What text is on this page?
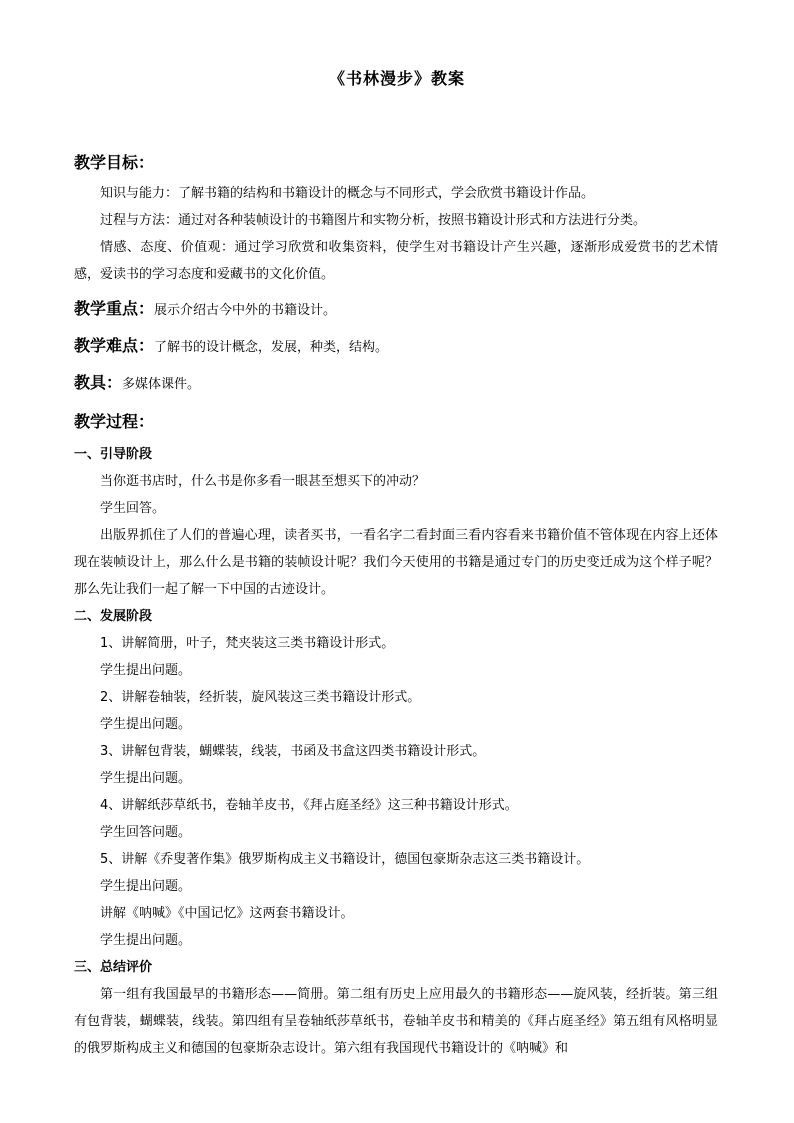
《书林漫步》教案
教学目标：

知识与能力：了解书籍的结构和书籍设计的概念与不同形式，学会欣赏书籍设计作品。

过程与方法：通过对各种装帧设计的书籍图片和实物分析，按照书籍设计形式和方法进行分类。

情感、态度、价值观：通过学习欣赏和收集资料，使学生对书籍设计产生兴趣，逐渐形成爱赏书的艺术情感，爱读书的学习态度和爱藏书的文化价值。

教学重点：展示介绍古今中外的书籍设计。
教学难点：了解书的设计概念，发展，种类，结构。
教具：多媒体课件。
教学过程：
一、引导阶段

当你逛书店时，什么书是你多看一眼甚至想买下的冲动？

学生回答。

出版界抓住了人们的普遍心理，读者买书，一看名字二看封面三看内容看来书籍价值不管体现在内容上还体现在装帧设计上，那么什么是书籍的装帧设计呢？我们今天使用的书籍是通过专门的历史变迁成为这个样子呢？那么先让我们一起了解一下中国的古迹设计。

二、发展阶段

1、讲解简册，叶子，梵夹装这三类书籍设计形式。

学生提出问题。

2、讲解卷轴装，经折装，旋风装这三类书籍设计形式。

学生提出问题。

3、讲解包背装，蝴蝶装，线装，书函及书盒这四类书籍设计形式。

学生提出问题。

4、讲解纸莎草纸书，卷轴羊皮书，《拜占庭圣经》这三种书籍设计形式。

学生回答问题。

5、讲解《乔叟著作集》俄罗斯构成主义书籍设计，德国包豪斯杂志这三类书籍设计。

学生提出问题。

讲解《呐喊》《中国记忆》这两套书籍设计。

学生提出问题。

三、总结评价

第一组有我国最早的书籍形态——简册。第二组有历史上应用最久的书籍形态——旋风装，经折装。第三组有包背装，蝴蝶装，线装。第四组有呈卷轴纸莎草纸书，卷轴羊皮书和精美的《拜占庭圣经》第五组有风格明显的俄罗斯构成主义和德国的包豪斯杂志设计。第六组有我国现代书籍设计的《呐喊》和
